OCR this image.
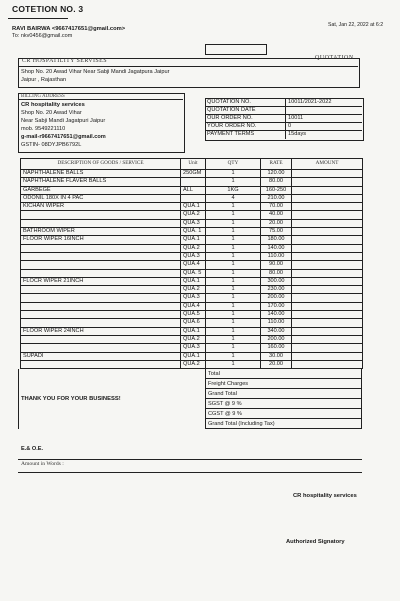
COTETION NO. 3
RAVI BAIRWA <9667417651@gmail.com>
To: nkv0456@gmail.com
Sat, Jan 22, 2022 at 6:2
CR HOSPATILITY SERVISES	QUOTATION
Shop No. 20 Awad Vihar Near Sabji Mandi Jagatpura Jaipur
Jaipur , Rajasthan
BILLING ADDRESS
CR hospitality services
Shop No. 20 Awad Vihar
Near Sabji Mandi Jagatpuri Jaipur
mob. 9549221110
g-mail-r9667417651@gmail.com
GSTIN- 08DYJPB6792L
QUOTATION NO.	10011/2021-2022
QUOTATION DATE
OUR ORDER NO.	10011
YOUR ORDER NO.	0
PAYMENT TERMS	15days
DESCRIPTION OF GOODS / SERVICE	Unit	QTY	RATE	AMOUNT
NAPHTHALENE BALLS	250GM	1	120.00	
NAPHTHALENE FLAVER BALLS		1	80.00	
GARBEGE	ALL	1KG	160-250	
ODONIL 180X IN 4 PAC		4	210.00	
KICHAN WIPER	QUA.1	1	70.00	
	QUA.2	1	40.00	
	QUA.3	1	20.00	
BATHROOM WIPER	QUA. 1	1	75.00	
FLOOR WIPER 16INCH	QUA.1	1	180.00	
	QUA.2	1	140.00	
	QUA.3	1	110.00	
	QUA.4	1	90.00	
	QUA. 5	1	80.00	
FLOCR WIPER 21INCH	QUA.1	1	300.00	
	QUA.2	1	230.00	
	QUA.3	1	200.00	
	QUA.4	1	170.00	
	QUA.5	1	140.00	
	QUA.6	1	110.00	
FLOOR WIPER 24INCH	QUA.1	1	340.00	
	QUA.2	1	200.00	
	QUA.3	1	160.00	
SUPADI	QUA.1	1	30.00	
	QUA.2	1	20.00	
THANK YOU FOR YOUR BUSINESS!
Total
Freight Charges
Grand Total
SGST @ 9 %
CGST @ 9 %
Grand Total (Including Tax)
E.& O.E.
Amount in Words :
CR hospitality services
Authorized Signatory
